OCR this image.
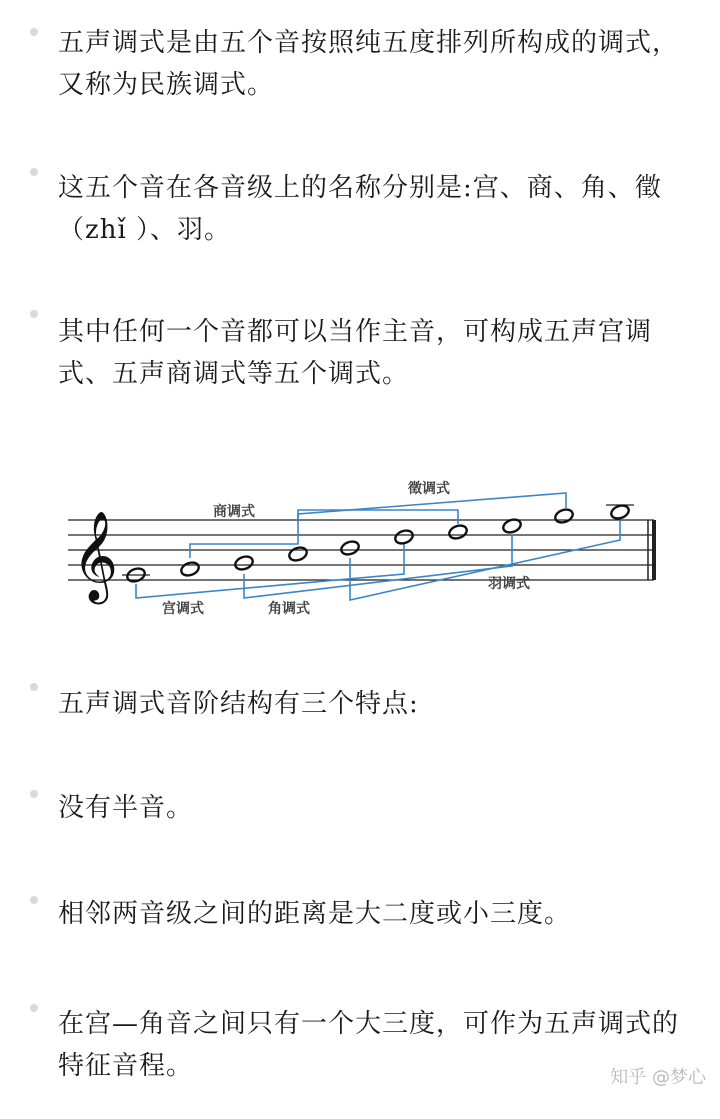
五声调式是由五个音按照纯五度排列所构成的调式，又称为民族调式。

这五个音在各音级上的名称分别是:宫、商、角、徵（zhǐ ）、羽。

其中任何一个音都可以当作主音，可构成五声宫调式、五声商调式等五个调式。

𝄞	商调式
徵调式
宫调式	角调式
羽调式

五声调式音阶结构有三个特点:

没有半音。

相邻两音级之间的距离是大二度或小三度。

在宫—角音之间只有一个大三度，可作为五声调式的特征音程。	知乎 @梦心
